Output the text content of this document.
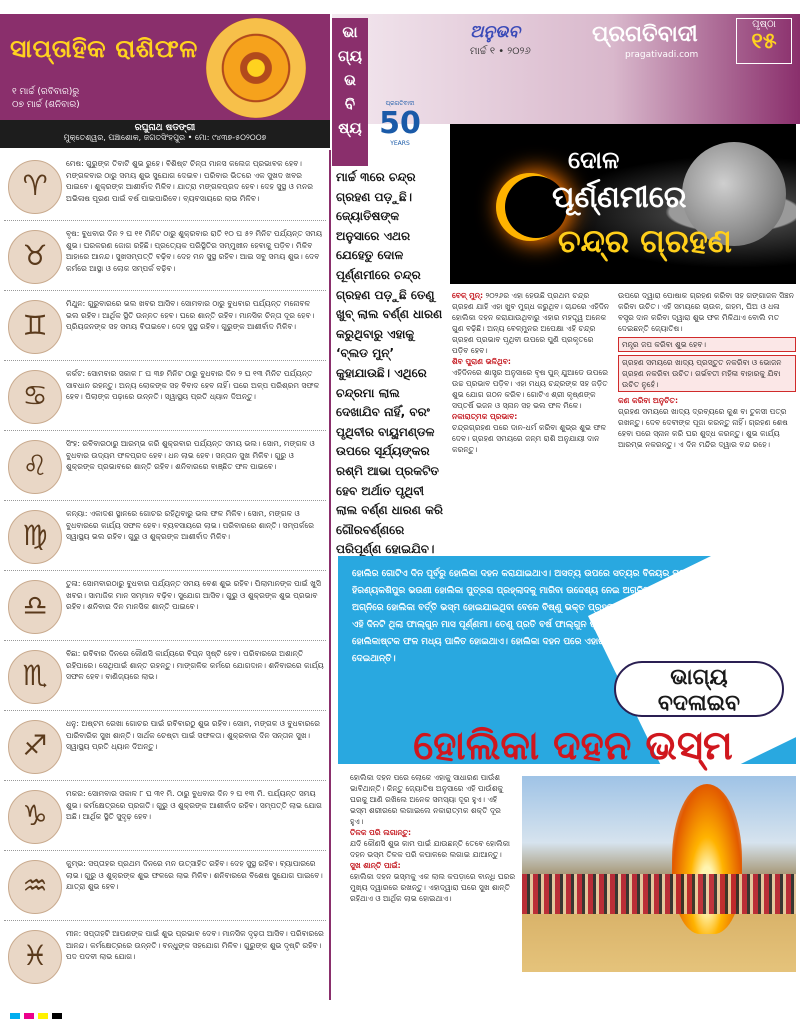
ସାପ୍ତାହିକ ରାଶିଫଳ
୧ ମାର୍ଚ୍ଚ (ରବିବାର)ରୁ
୦୭ ମାର୍ଚ୍ଚ (ଶନିବାର)
ରଘୁନାଥ ଷଡଙ୍ଗୀ
ମୁକ୍ତେଶ୍ୱର, ପଞ୍ଚାଶୋକ, ଜଗତସିଂହପୁର • ମୋ: ୯୪୩୭-୫୦୨୦୦୭
ଭା
ଗ୍ୟ
ଭ
ବି
ଷ୍ୟ
ପ୍ରଗତିବାଦୀ
50
YEARS
ଅନୁଭବ
ମାର୍ଚ୍ଚ ୧ • ୨୦୨୬
ପ୍ରଗତିବାଦୀ
pragativadi.com
ପୃଷ୍ଠା
୧୫
♈
ମେଷ: ଗୁରୁଙ୍କ ତିବାଟି ଶୁଭ ରୁହେ। ବିଶିଷ୍ଟ ଚିନ୍ତା ମାନସ କଲେଜ ପ୍ରଭାବକ ହେବ। ମଙ୍ଗଳବାର ଠାରୁ ସମୟ ଶୁଭ ସୁଯୋଗ ଦେଇବ। ପରିବାର ଭିତରେ ଏକ ସୁଖଦ ଖବର ପାଇବେ। ଶୁକ୍ରଙ୍କ ଆଶୀର୍ବାଦ ମିଳିବ। ଯାତ୍ରା ମଙ୍ଗଳପ୍ରଦ ହେବ। ଦେହ ସୁସ୍ଥ ଓ ମନର ଅଭିଳାଷ ପୂରଣ ପାଇଁ ବର୍ଷ ପାଇପାରିବେ। ବ୍ୟବସାୟରେ ଲାଭ ମିଳିବ।
♉
ବୃଷ: ବୁଧବାର ଦିନ ୨ ଘ ୧୧ ମିନିଟ ଠାରୁ ଶୁକ୍ରବାର ରାତି ୧୦ ଘ ୫୨ ମିନିଟ ପର୍ଯ୍ୟନ୍ତ ସମୟ ଶୁଭ। ଘରକରଣ ଜୋଗ ରହିଛି। ପ୍ରତ୍ୟେକ ପରିସ୍ଥିତିର ସମ୍ମୁଖୀନ ହେବାକୁ ପଡ଼ିବ। ମିଳିବ ଆହାରେ ଆନନ୍ଦ। ସୁଖସମ୍ପତ୍ତି ବଢ଼ିବ। ଦେହ ମନ ସୁସ୍ଥ ରହିବ। ଆଇ ସବୁ ସମୟ ଶୁଭ। ଦେବ କର୍ମରେ ଆସ୍ଥା ଓ ଲୋକ ସମ୍ପର୍କ ବଢ଼ିବ।
♊
ମିଥୁନ: ଗୁରୁବାରରେ ଭଲ ଖବର ଆସିବ। ସୋମବାର ଠାରୁ ବୁଧବାର ପର୍ଯ୍ୟନ୍ତ ମନୋବଳ ଭଲ ରହିବ। ଆର୍ଥିକ ସ୍ଥିତି ଉନ୍ନତ ହେବ। ଘରେ ଶାନ୍ତି ରହିବ। ମାନସିକ ଚିନ୍ତା ଦୂର ହେବ। ପ୍ରିୟଜନଙ୍କ ସହ ସମୟ ବିତାଇବେ। ଦେହ ସୁସ୍ଥ ରହିବ। ଗୁରୁଙ୍କ ଆଶୀର୍ବାଦ ମିଳିବ।
♋
କର୍କଟ: ସୋମବାର ସକାଳ ୮ ଘ ୩୭ ମିନିଟ ଠାରୁ ବୁଧବାର ଦିନ ୨ ଘ ୧୩ ମିନିଟ ପର୍ଯ୍ୟନ୍ତ ସାବଧାନ ରହନ୍ତୁ। ଅନ୍ୟ ଲୋକଙ୍କ ସହ ବିବାଦ ହେବ ନାହିଁ। ଘରେ ଅଳ୍ପ ପରିଶ୍ରମ ସଫଳ ହେବ। ପିଲାଙ୍କ ପଢ଼ାରେ ଉନ୍ନତି। ସ୍ୱାସ୍ଥ୍ୟ ପ୍ରତି ଧ୍ୟାନ ଦିଅନ୍ତୁ।
♌
ସିଂହ: ରବିବାରଠାରୁ ଆରମ୍ଭ କରି ଶୁକ୍ରବାର ପର୍ଯ୍ୟନ୍ତ ସମୟ ଭଲ। ସୋମ, ମଙ୍ଗଳ ଓ ବୁଧବାର ଉଦ୍ୟମ ଫଳପ୍ରଦ ହେବ। ଧନ ଲାଭ ହେବ। ସନ୍ତାନ ସୁଖ ମିଳିବ। ଗୁରୁ ଓ ଶୁକ୍ରଙ୍କ ପ୍ରଭାବରେ ଶାନ୍ତି ରହିବ। ଶନିବାରରେ ବାଞ୍ଛିତ ଫଳ ପାଇବେ।
♍
କନ୍ୟା: ଏକାଦଶ ସ୍ଥାନରେ ଗୋଚର ରହିଥିବାରୁ ଭଲ ଫଳ ମିଳିବ। ସୋମ, ମଙ୍ଗଳ ଓ ବୁଧବାରରେ କାର୍ଯ୍ୟ ସଫଳ ହେବ। ବ୍ୟବସାୟରେ ଲାଭ। ପରିବାରରେ ଶାନ୍ତି। ସମ୍ପର୍କରେ ସ୍ୱାସ୍ଥ୍ୟ ଭଲ ରହିବ। ଗୁରୁ ଓ ଶୁକ୍ରଙ୍କ ଆଶୀର୍ବାଦ ମିଳିବ।
♎
ତୁଳା: ସୋମବାରଠାରୁ ବୁଧବାର ପର୍ଯ୍ୟନ୍ତ ସମୟ ବେଶ ଶୁଭ ରହିବ। ପିଲାମାନଙ୍କ ପାଇଁ ଖୁସି ଖବର। ସାମାଜିକ ମାନ ସମ୍ମାନ ବଢ଼ିବ। ସୁଯୋଗ ଆସିବ। ଗୁରୁ ଓ ଶୁକ୍ରଙ୍କ ଶୁଭ ପ୍ରଭାବ ରହିବ। ଶନିବାର ଦିନ ମାନସିକ ଶାନ୍ତି ପାଇବେ।
♏
ବିଛା: ରବିବାର ଦିନରେ କୌଣସି କାର୍ଯ୍ୟରେ ବିଘ୍ନ ସୃଷ୍ଟି ହେବ। ପରିବାରରେ ଅଶାନ୍ତି ରହିପାରେ। ସେଥିପାଇଁ ଶାନ୍ତ ରହନ୍ତୁ। ମାଙ୍ଗଳିକ କର୍ମରେ ଯୋଗଦାନ। ଶନିବାରରେ କାର୍ଯ୍ୟ ସଫଳ ହେବ। ବାଣିଜ୍ୟରେ ଲାଭ।
♐
ଧନୁ: ଅଷ୍ଟମ ରେଖା ଗୋଚର ପାଇଁ ରବିବାରଠୁ ଶୁଭ ରହିବ। ସୋମ, ମଙ୍ଗଳ ଓ ବୁଧବାରରେ ପାରିବାରିକ ସୁଖ ଶାନ୍ତି। ସାର୍ଥକ ଚେଷ୍ଟା ପାଇଁ ସଫଳତା। ଶୁକ୍ରବାର ଦିନ ସନ୍ତାନ ସୁଖ। ସ୍ୱାସ୍ଥ୍ୟ ପ୍ରତି ଧ୍ୟାନ ଦିଅନ୍ତୁ।
♑
ମକର: ସୋମବାର ସକାଳ ୮ ଘ ୩୧ ମି. ଠାରୁ ବୁଧବାର ଦିନ ୨ ଘ ୧୩ ମି. ପର୍ଯ୍ୟନ୍ତ ସମୟ ଶୁଭ। କର୍ମକ୍ଷେତ୍ରରେ ପ୍ରଗତି। ଗୁରୁ ଓ ଶୁକ୍ରଙ୍କ ଆଶୀର୍ବାଦ ରହିବ। ସମ୍ପତ୍ତି ଲାଭ ଯୋଗ ଅଛି। ଆର୍ଥିକ ସ୍ଥିତି ସୁଦୃଢ଼ ହେବ।
♒
କୁମ୍ଭ: ସପ୍ତାହର ପ୍ରଥମ ଦିନରେ ମନ ଉତ୍ସାହିତ ରହିବ। ଦେହ ସୁସ୍ଥ ରହିବ। ବ୍ୟାପାରରେ ଲାଭ। ଗୁରୁ ଓ ଶୁକ୍ରଙ୍କ ଶୁଭ ଫଳରେ ଲାଭ ମିଳିବ। ଶନିବାରରେ ବିଶେଷ ସୁଯୋଗ ପାଇବେ। ଯାତ୍ରା ଶୁଭ ହେବ।
♓
ମୀନ: ସପ୍ତାହଟି ଆପଣଙ୍କ ପାଇଁ ଶୁଭ ପ୍ରଭାବ ଦେବ। ମାନସିକ ଦୃଢ଼ତା ଆସିବ। ପରିବାରରେ ଆନନ୍ଦ। କର୍ମକ୍ଷେତ୍ରରେ ଉନ୍ନତି। ବନ୍ଧୁଙ୍କ ସହଯୋଗ ମିଳିବ। ଗୁରୁଙ୍କ ଶୁଭ ଦୃଷ୍ଟି ରହିବ। ପଦ ପଦବୀ ଲାଭ ଯୋଗ।
ମାର୍ଚ୍ଚ ୩ରେ ଚନ୍ଦ୍ର ଗ୍ରହଣ ପଡ଼ୁଛି। ଜ୍ୟୋତିଷଙ୍କ ଅନୁସାରେ ଏଥର ଯେହେତୁ ଦୋଳ ପୂର୍ଣ୍ଣମୀରେ ଚନ୍ଦ୍ର ଗ୍ରହଣ ପଡ଼ୁଛି ତେଣୁ ଖୁବ୍ ଲାଲ ବର୍ଣ୍ଣ ଧାରଣ କରୁଥିବାରୁ ଏହାକୁ ‘ବ୍ଲଡ ମୁନ୍’ କୁହାଯାଉଛି। ଏଥିରେ ଚନ୍ଦ୍ରମା ଲାଲ ଦେଖାଯିବ ନାହିଁ, ବରଂ ପୃଥିବୀର ବାୟୁମଣ୍ଡଳ ଉପରେ ସୂର୍ଯ୍ୟଙ୍କର ରଶ୍ମି ଆଭା ପ୍ରକଟିତ ହେବ ଅର୍ଥାତ ପୃଥିବୀ ଲାଲ ବର୍ଣ୍ଣ ଧାରଣ କରି ଗୌରବର୍ଣ୍ଣରେ ପରିପୂର୍ଣ୍ଣ ହୋଇଯିବ।
ଦୋଳ
ପୂର୍ଣ୍ଣମୀରେ
ଚନ୍ଦ୍ର ଗ୍ରହଣ
ବେଳ୍ ମୁନ୍: ୨୦୨୬ର ଏହା ହେଉଛି ପ୍ରଥମ ଚନ୍ଦ୍ର ଗ୍ରହଣ ଯାହି ଏହା ଖୁବ ମୁଗ୍ଧ କରୁଥିବ। ଚାନ୍ଦରେ ଏହିଦିନ ହୋଲିକା ଦହନ କରାଯାଉଥିବାରୁ ଏହାର ମହତ୍ତ୍ୱ ଅନେକ ଗୁଣ ବଢ଼ିଛି। ଅନ୍ୟ ବେଳ୍ମୁନର ଅପେକ୍ଷା ଏହି ଚନ୍ଦ୍ର ଗ୍ରହଣ ପ୍ରଭାବ ପୃଥିବୀ ଉପରେ ପୁଣି ପ୍ରକୃତରେ ପଡ଼ିବ ହେବ।
ଶିବ ପୁରାଣ ଭଳିଥିବ:
ଏହିଦିନରେ ଶାସ୍ତ୍ର ଅନୁସାରେ ବୃଷ ପୁନ୍ ଯୁଆଡେ ଉପରେ ଉଚ୍ଚ ପ୍ରଭାବ ପଡ଼ିବ। ଏହା ମଧ୍ୟ ଚନ୍ଦ୍ରଙ୍କ ସହ ଜଡ଼ିତ ଶୁଭ ଯୋଗ ଗଠନ କରିବ। ଗୋଟିଏ ଶ୍ରୀ କୃଷ୍ଣଙ୍କ ସପ୍ତର୍ଷି ଭଜନ ଓ ସ୍ନାନ ସହ ଭଲ ଫଳ ମିଳେ।
ନକାରାତ୍ମକ ପ୍ରଭାବ:
ଚନ୍ଦ୍ରଗ୍ରହଣ ପରେ ଦାନ-ଧର୍ମ କରିବା ଶୁଭ୍ର ଶୁଭ ଫଳ ଦେବ। ଗ୍ରହଣ ସମୟରେ ଜନ୍ମ ରାଶି ଅନୁଯାୟୀ ଦାନ କରନ୍ତୁ।
ଉପରେ ଦ୍ୱାରା ପୋଷାକ ଗ୍ରହଣ କରିବା ସହ ଗଙ୍ଗାଜଳ ସିଞ୍ଚନ କରିବା ଉଚିତ। ଏହି ସମୟରେ ଚାଉଳ, ଗହମ, ଘିଅ ଓ ଧଳା ବସ୍ତ୍ର ଦାନ କରିବା ଦ୍ୱାରା ଶୁଭ ଫଳ ମିଳିଥାଏ ବୋଲି ମତ ଦେଇଛନ୍ତି ଜ୍ୟୋତିଷ।
ମନ୍ତ୍ର ଜପ କରିବା ଶୁଭ ହେବ।
ଗ୍ରହଣ ସମୟରେ ଖାଦ୍ୟ ପ୍ରସ୍ତୁତ ନକରିବା ଓ ଭୋଜନ ଗ୍ରହଣ ନକରିବା ଉଚିତ। ଗର୍ଭବତୀ ମହିଳା ବାହାରକୁ ଯିବା ଉଚିତ ନୁହେଁ।
କଣ କରିବା ଅନୁଚିତ:
ଗ୍ରହଣ ସମୟରେ ଖାଦ୍ୟ ଦ୍ରବ୍ୟରେ କୁଶ ବା ତୁଳସୀ ପତ୍ର ରଖନ୍ତୁ। ଦେବ ଦେବୀଙ୍କ ପୂଜା କରନ୍ତୁ ନାହିଁ। ଗ୍ରହଣ ଶେଷ ହେବା ପରେ ସ୍ନାନ କରି ଘର ଶୁଦ୍ଧ କରନ୍ତୁ। ଶୁଭ କାର୍ଯ୍ୟ ଆରମ୍ଭ ନକରନ୍ତୁ। ଏ ଦିନ ମନ୍ଦିର ଦ୍ୱାର ବନ୍ଦ ରହେ।
ହୋଲିର ଗୋଟିଏ ଦିନ ପୂର୍ବରୁ ହୋଲିକା ଦହନ କରାଯାଇଥାଏ। ଅସତ୍ୟ ଉପରେ ସତ୍ୟର ବିଜୟର ପ୍ରତୀକ ସ୍ୱରୂପ ହିରଣ୍ୟକଶିପୁର ଭଉଣୀ ହୋଲିକା ପୁତ୍ରରା ପ୍ରହ୍ଲାଦକୁ ମାରିବା ଉଦ୍ଦେଶ୍ୟ ନେଇ ଅଗ୍ନିରେ ପ୍ରବେଶ କରିଥିଲା। କିନ୍ତୁ ଏହି ଅଗ୍ନିରେ ହୋଲିକା ବର୍ତ୍ତି ଭସ୍ମ ହୋଇଯାଇଥିବା ବେଳେ ବିଷ୍ଣୁ ଭକ୍ତ ପ୍ରହ୍ଲାଦ ସୁରକ୍ଷିତରେ ଅଗ୍ନି ଭିତରୁ ବାହାରି ଆସିଥିଲେ। ଏହି ଦିନଟି ଥିଲା ଫାଲ୍ଗୁନ ମାସ ପୂର୍ଣ୍ଣମୀ। ତେଣୁ ପ୍ରତି ବର୍ଷ ଫାଲ୍ଗୁନ ପୂର୍ଣ୍ଣମୀ ଦିନ ହୋଲିକାକୁ ଦହନ କରାଯାଇଥାଏ। ଏହି ଦିନ ହୋଲିକାଷ୍ଟକ ଫଳ ମଧ୍ୟ ପାଳିତ ହୋଇଥାଏ। ହୋଲିକା ଦହନ ପରେ ଏହାର ଭସ୍ମ ଖୁବ୍ ଉପଯୋଗୀ ବୋଲି ଜ୍ୟୋତିଷ ମତ ଦେଇଥାନ୍ତି।
ଭାଗ୍ୟ
ବଦଳାଇବ
ହୋଲିକା ଦହନ ଭସ୍ମ
ହୋଲିକା ଦହନ ପରେ ଲୋକେ ଏହାକୁ ସାଧାରଣ ପାଉଁଶ ଭାବିଥାନ୍ତି। କିନ୍ତୁ ଜ୍ୟୋତିଷ ଅନୁସାରେ ଏହି ପାଉଁଶକୁ ଘରକୁ ଆଣି ରଖିଲେ ଅନେକ ସମସ୍ୟା ଦୂର ହୁଏ। ଏହି ଭସ୍ମ ଶରୀରରେ ଲଗାଇଲେ ନକାରାତ୍ମକ ଶକ୍ତି ଦୂର ହୁଏ।
ତିଳକ ପରି ଲଗାନ୍ତୁ:
ଯଦି କୌଣସି ଶୁଭ କାମ ପାଇଁ ଯାଉଛନ୍ତି ତେବେ ହୋଲିକା ଦହନ ଭସ୍ମ ତିଳକ ପରି କପାଳରେ ଲଗାଇ ଯାଆନ୍ତୁ।
ସୁଖ ଶାନ୍ତି ପାଇଁ:
ହୋଲିକା ଦହନ ଭସ୍ମକୁ ଏକ ଲାଲ କପଡ଼ାରେ ବାନ୍ଧି ଘରର ମୁଖ୍ୟ ଦ୍ୱାରରେ ରଖନ୍ତୁ। ଏହାଦ୍ୱାରା ଘରେ ସୁଖ ଶାନ୍ତି ରହିଥାଏ ଓ ଆର୍ଥିକ ଲାଭ ହୋଇଥାଏ।
